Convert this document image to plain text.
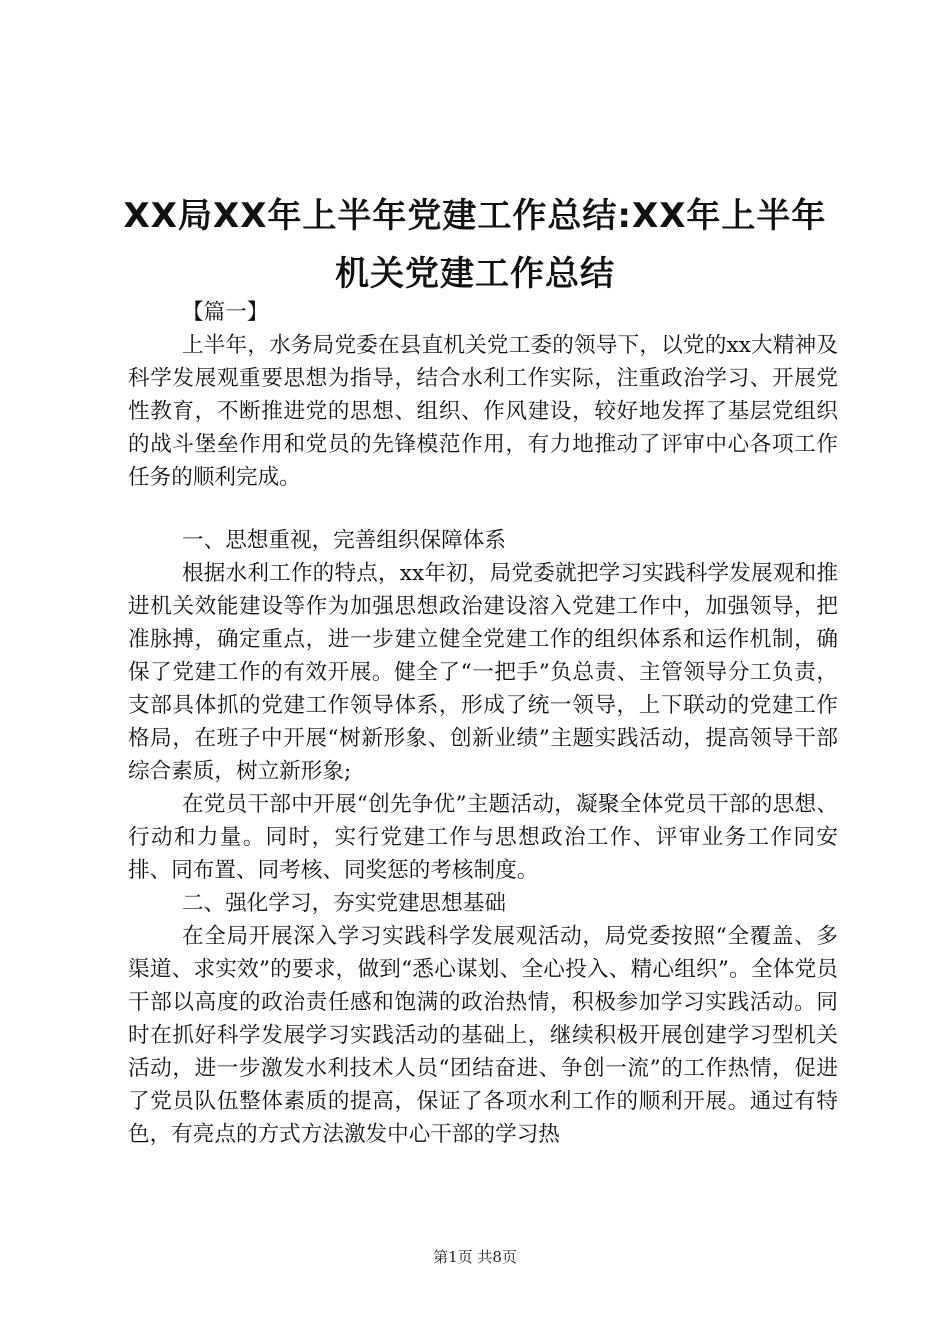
XX局XX年上半年党建工作总结:XX年上半年
机关党建工作总结

【篇一】

上半年，水务局党委在县直机关党工委的领导下，以党的xx大精神及科学发展观重要思想为指导，结合水利工作实际，注重政治学习、开展党性教育，不断推进党的思想、组织、作风建设，较好地发挥了基层党组织的战斗堡垒作用和党员的先锋模范作用，有力地推动了评审中心各项工作任务的顺利完成。

一、思想重视，完善组织保障体系

根据水利工作的特点，xx年初，局党委就把学习实践科学发展观和推进机关效能建设等作为加强思想政治建设溶入党建工作中，加强领导，把准脉搏，确定重点，进一步建立健全党建工作的组织体系和运作机制，确保了党建工作的有效开展。健全了“一把手”负总责、主管领导分工负责，支部具体抓的党建工作领导体系，形成了统一领导，上下联动的党建工作格局，在班子中开展“树新形象、创新业绩”主题实践活动，提高领导干部综合素质，树立新形象;

在党员干部中开展“创先争优”主题活动，凝聚全体党员干部的思想、行动和力量。同时，实行党建工作与思想政治工作、评审业务工作同安排、同布置、同考核、同奖惩的考核制度。

二、强化学习，夯实党建思想基础

在全局开展深入学习实践科学发展观活动，局党委按照“全覆盖、多渠道、求实效”的要求，做到“悉心谋划、全心投入、精心组织”。全体党员干部以高度的政治责任感和饱满的政治热情，积极参加学习实践活动。同时在抓好科学发展学习实践活动的基础上，继续积极开展创建学习型机关活动，进一步激发水利技术人员“团结奋进、争创一流”的工作热情，促进了党员队伍整体素质的提高，保证了各项水利工作的顺利开展。通过有特色，有亮点的方式方法激发中心干部的学习热

第1页 共8页
